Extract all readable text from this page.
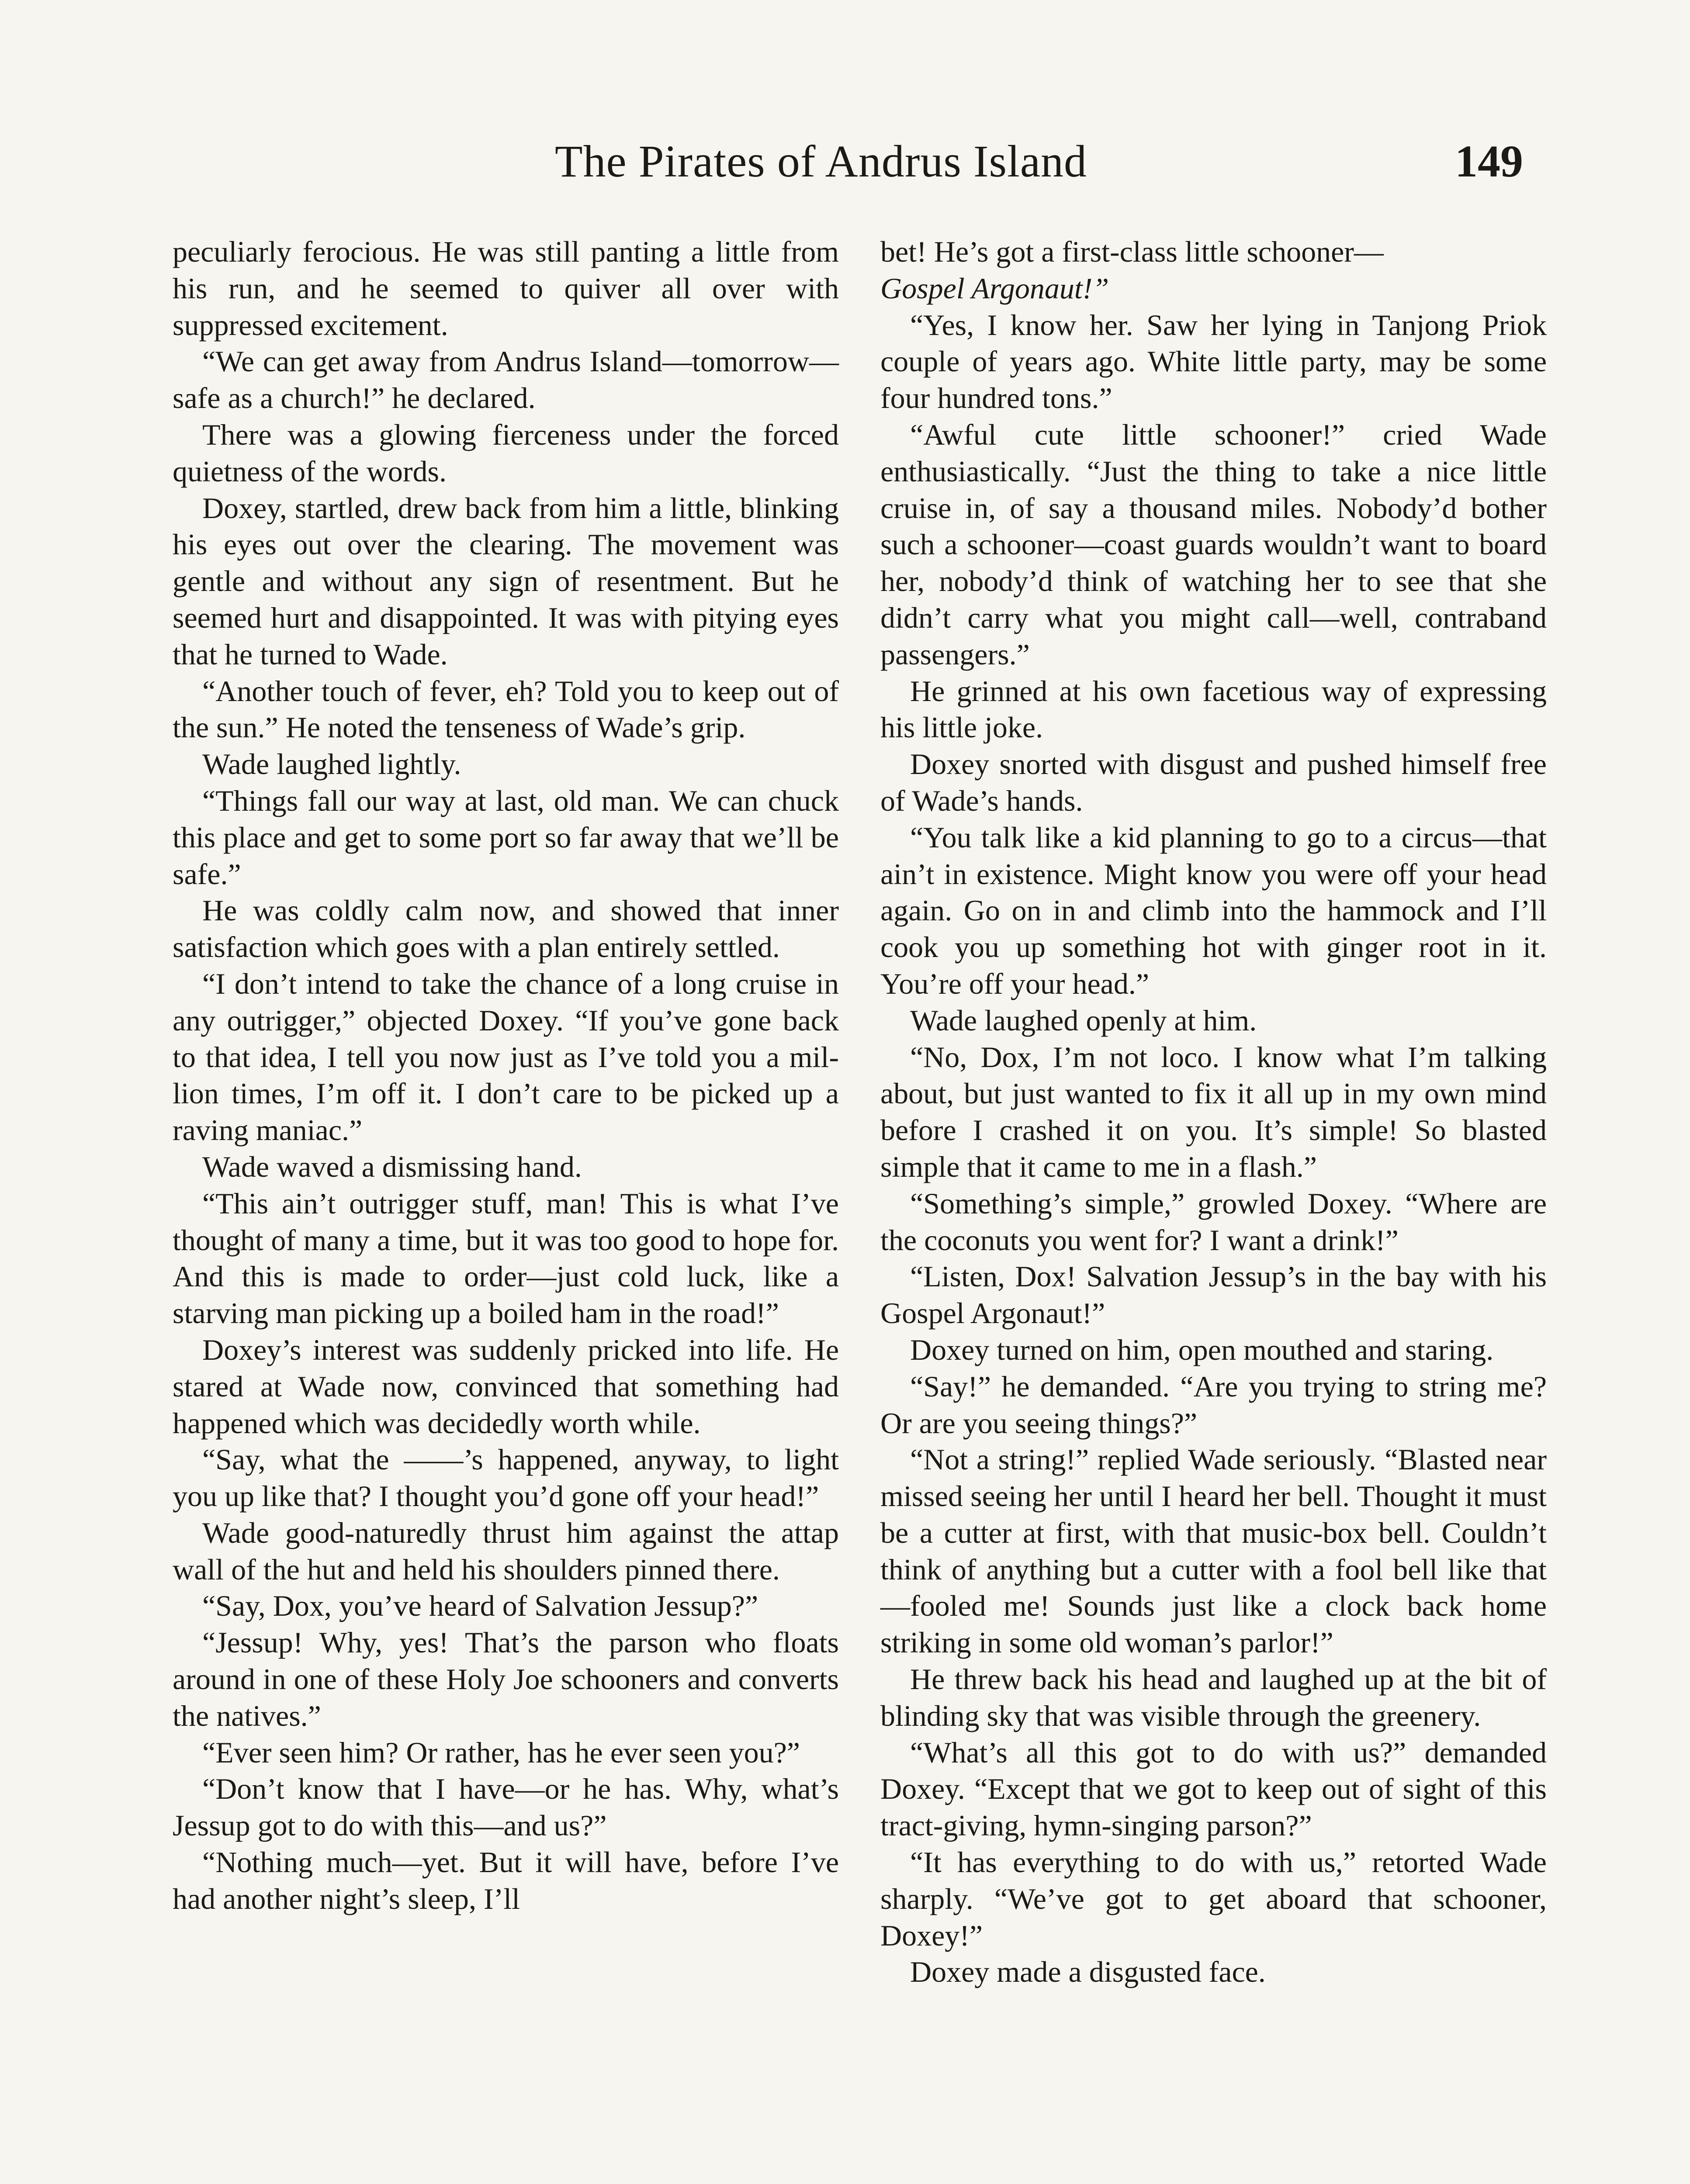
The Pirates of Andrus Island	149

peculiarly ferocious. He was still panting a little from his run, and he seemed to quiver all over with suppressed excitement.

“We can get away from Andrus Island—tomorrow—safe as a church!” he declared.

There was a glowing fierceness under the forced quietness of the words.

Doxey, startled, drew back from him a little, blinking his eyes out over the clearing. The movement was gentle and without any sign of resentment. But he seemed hurt and disappointed. It was with pitying eyes that he turned to Wade.

“Another touch of fever, eh? Told you to keep out of the sun.” He noted the tenseness of Wade’s grip.

Wade laughed lightly.

“Things fall our way at last, old man. We can chuck this place and get to some port so far away that we’ll be safe.”

He was coldly calm now, and showed that inner satisfaction which goes with a plan entirely settled.

“I don’t intend to take the chance of a long cruise in any outrigger,” objected Doxey. “If you’ve gone back to that idea, I tell you now just as I’ve told you a million times, I’m off it. I don’t care to be picked up a raving maniac.”

Wade waved a dismissing hand.

“This ain’t outrigger stuff, man! This is what I’ve thought of many a time, but it was too good to hope for. And this is made to order—just cold luck, like a starving man picking up a boiled ham in the road!”

Doxey’s interest was suddenly pricked into life. He stared at Wade now, convinced that something had happened which was decidedly worth while.

“Say, what the ——’s happened, anyway, to light you up like that? I thought you’d gone off your head!”

Wade good-naturedly thrust him against the attap wall of the hut and held his shoulders pinned there.

“Say, Dox, you’ve heard of Salvation Jessup?”

“Jessup! Why, yes! That’s the parson who floats around in one of these Holy Joe schooners and converts the natives.”

“Ever seen him? Or rather, has he ever seen you?”

“Don’t know that I have—or he has. Why, what’s Jessup got to do with this—and us?”

“Nothing much—yet. But it will have, before I’ve had another night’s sleep, I’ll

bet! He’s got a first-class little schooner—

Gospel Argonaut!”

“Yes, I know her. Saw her lying in Tanjong Priok couple of years ago. White little party, may be some four hundred tons.”

“Awful cute little schooner!” cried Wade enthusiastically. “Just the thing to take a nice little cruise in, of say a thousand miles. Nobody’d bother such a schooner—coast guards wouldn’t want to board her, nobody’d think of watching her to see that she didn’t carry what you might call—well, contraband passengers.”

He grinned at his own facetious way of expressing his little joke.

Doxey snorted with disgust and pushed himself free of Wade’s hands.

“You talk like a kid planning to go to a circus—that ain’t in existence. Might know you were off your head again. Go on in and climb into the hammock and I’ll cook you up something hot with ginger root in it. You’re off your head.”

Wade laughed openly at him.

“No, Dox, I’m not loco. I know what I’m talking about, but just wanted to fix it all up in my own mind before I crashed it on you. It’s simple! So blasted simple that it came to me in a flash.”

“Something’s simple,” growled Doxey. “Where are the coconuts you went for? I want a drink!”

“Listen, Dox! Salvation Jessup’s in the bay with his Gospel Argonaut!”

Doxey turned on him, open mouthed and staring.

“Say!” he demanded. “Are you trying to string me? Or are you seeing things?”

“Not a string!” replied Wade seriously. “Blasted near missed seeing her until I heard her bell. Thought it must be a cutter at first, with that music-box bell. Couldn’t think of anything but a cutter with a fool bell like that—fooled me! Sounds just like a clock back home striking in some old woman’s parlor!”

He threw back his head and laughed up at the bit of blinding sky that was visible through the greenery.

“What’s all this got to do with us?” demanded Doxey. “Except that we got to keep out of sight of this tract-giving, hymn-singing parson?”

“It has everything to do with us,” retorted Wade sharply. “We’ve got to get aboard that schooner, Doxey!”

Doxey made a disgusted face.
